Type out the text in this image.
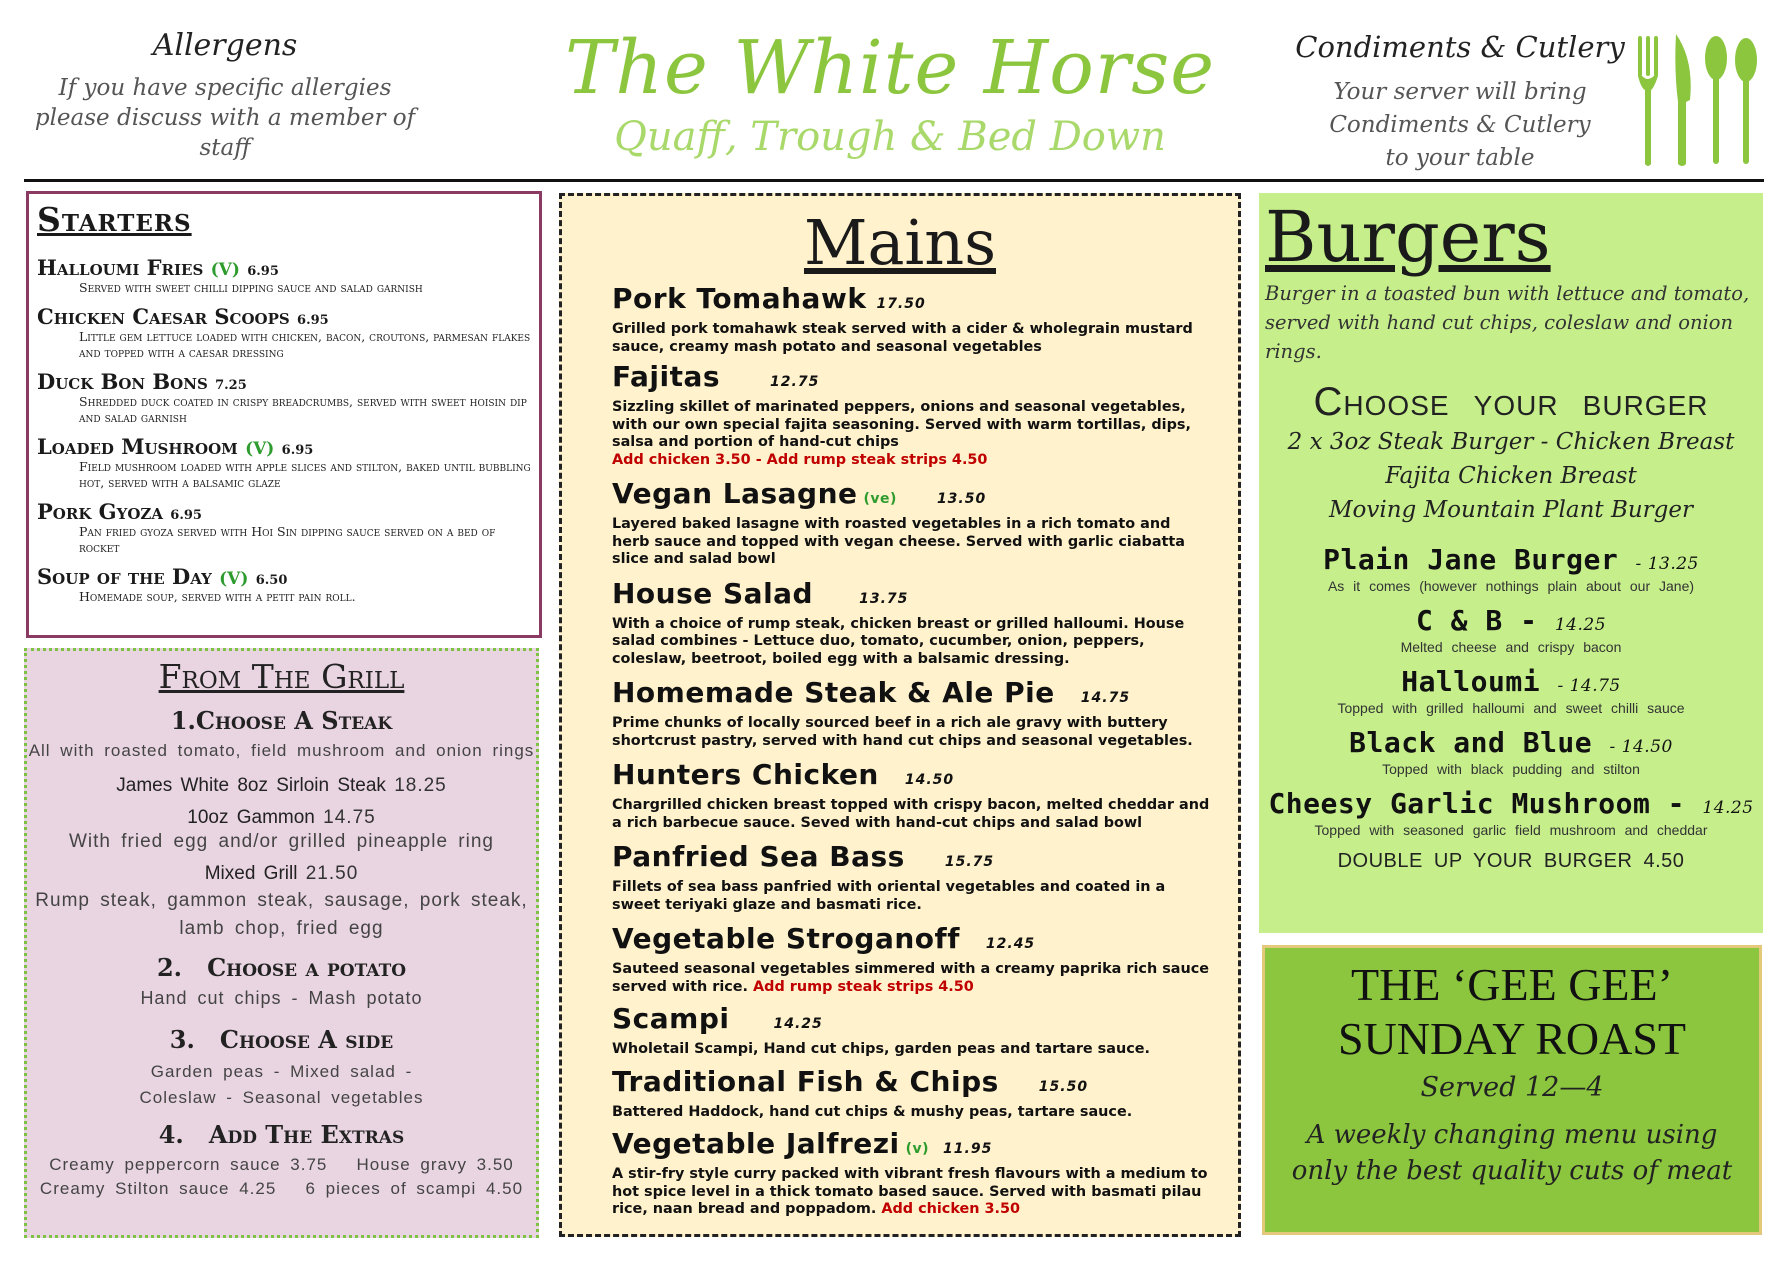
Allergens
If you have specific allergies please discuss with a member of staff
The White Horse
Quaff, Trough & Bed Down
Condiments & Cutlery
Your server will bring
Condiments & Cutlery
to your table
Starters
Halloumi Fries (V) 6.95
Served with sweet chilli dipping sauce and salad garnish
Chicken Caesar Scoops 6.95
Little gem lettuce loaded with chicken, bacon, croutons, parmesan flakes and topped with a caesar dressing
Duck Bon Bons 7.25
Shredded duck coated in crispy breadcrumbs, served with sweet hoisin dip and salad garnish
Loaded Mushroom (V) 6.95
Field mushroom loaded with apple slices and stilton, baked until bubbling hot, served with a balsamic glaze
Pork Gyoza 6.95
Pan fried gyoza served with Hoi Sin dipping sauce served on a bed of rocket
Soup of the Day (V) 6.50
Homemade soup, served with a petit pain roll.
From The Grill
1.Choose A Steak
All with roasted tomato, field mushroom and onion rings
James White 8oz Sirloin Steak 18.25
10oz Gammon 14.75
With fried egg and/or grilled pineapple ring
Mixed Grill 21.50
Rump steak, gammon steak, sausage, pork steak, lamb chop, fried egg
2.   Choose a potato
Hand cut chips - Mash potato
3.   Choose A side
Garden peas - Mixed salad -
Coleslaw - Seasonal vegetables
4.   Add The Extras
Creamy peppercorn sauce 3.75   House gravy 3.50
Creamy Stilton sauce 4.25   6 pieces of scampi 4.50
Mains
Pork Tomahawk 17.50
Grilled pork tomahawk steak served with a cider & wholegrain mustard sauce, creamy mash potato and seasonal vegetables
Fajitas	12.75
Sizzling skillet of marinated peppers, onions and seasonal vegetables, with our own special fajita seasoning. Served with warm tortillas, dips, salsa and portion of hand-cut chips
Add chicken 3.50 - Add rump steak strips 4.50
Vegan Lasagne (ve)	13.50
Layered baked lasagne with roasted vegetables in a rich tomato and herb sauce and topped with vegan cheese. Served with garlic ciabatta slice and salad bowl
House Salad	13.75
With a choice of rump steak, chicken breast or grilled halloumi. House salad combines - Lettuce duo, tomato, cucumber, onion, peppers, coleslaw, beetroot, boiled egg with a balsamic dressing.
Homemade Steak & Ale Pie 14.75
Prime chunks of locally sourced beef in a rich ale gravy with buttery shortcrust pastry, served with hand cut chips and seasonal vegetables.
Hunters Chicken 14.50
Chargrilled chicken breast topped with crispy bacon, melted cheddar and a rich barbecue sauce. Seved with hand-cut chips and salad bowl
Panfried Sea Bass	15.75
Fillets of sea bass panfried with oriental vegetables and coated in a sweet teriyaki glaze and basmati rice.
Vegetable Stroganoff 12.45
Sauteed seasonal vegetables simmered with a creamy paprika rich sauce served with rice. Add rump steak strips 4.50
Scampi	14.25
Wholetail Scampi, Hand cut chips, garden peas and tartare sauce.
Traditional Fish & Chips	15.50
Battered Haddock, hand cut chips & mushy peas, tartare sauce.
Vegetable Jalfrezi (v) 11.95
A stir-fry style curry packed with vibrant fresh flavours with a medium to hot spice level in a thick tomato based sauce. Served with basmati pilau rice, naan bread and poppadom. Add chicken 3.50
Burgers
Burger in a toasted bun with lettuce and tomato, served with hand cut chips, coleslaw and onion rings.
Choose your burger
2 x 3oz Steak Burger - Chicken Breast
Fajita Chicken Breast
Moving Mountain Plant Burger
Plain Jane Burger - 13.25
As it comes (however nothings plain about our Jane)
C & B - 14.25
Melted cheese and crispy bacon
Halloumi - 14.75
Topped with grilled halloumi and sweet chilli sauce
Black and Blue - 14.50
Topped with black pudding and stilton
Cheesy Garlic Mushroom - 14.25
Topped with seasoned garlic field mushroom and cheddar
DOUBLE UP YOUR BURGER 4.50
THE ‘GEE GEE’
SUNDAY ROAST
Served 12—4
A weekly changing menu using
only the best quality cuts of meat
